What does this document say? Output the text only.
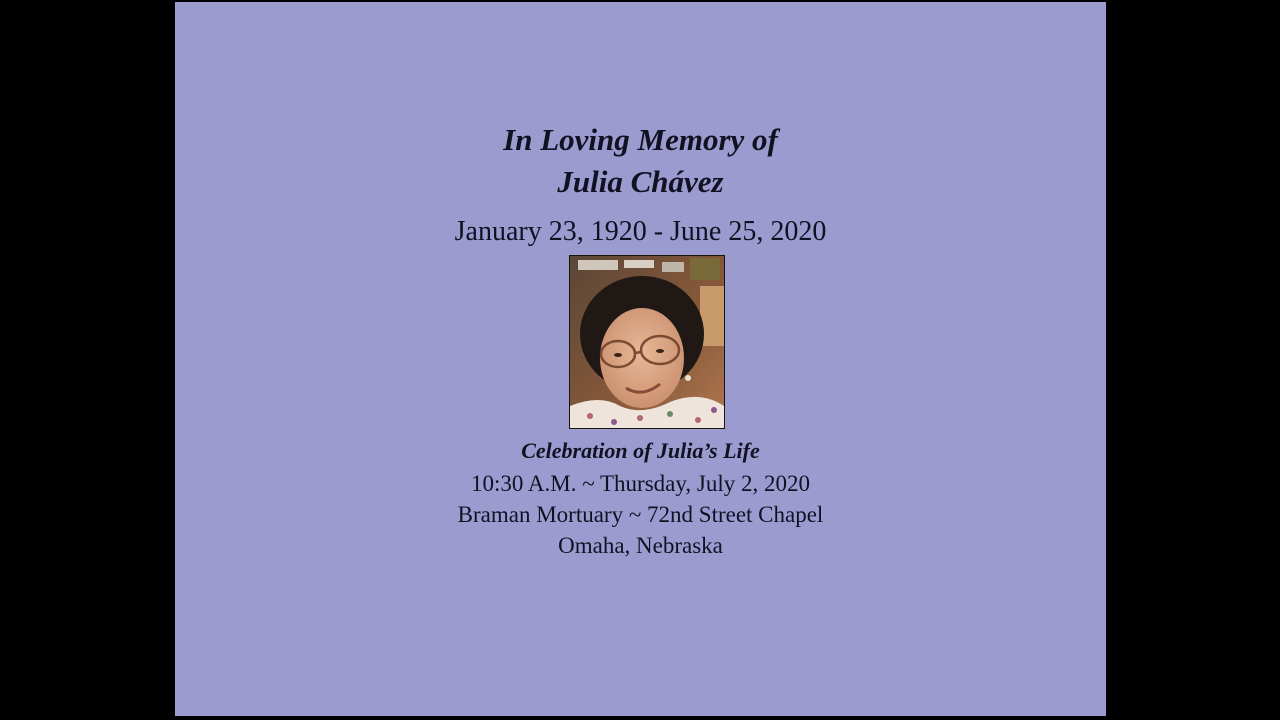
In Loving Memory of
Julia Chávez
January 23, 1920 - June 25, 2020
Celebration of Julia’s Life
10:30 A.M. ~ Thursday, July 2, 2020
Braman Mortuary ~ 72nd Street Chapel
Omaha, Nebraska
